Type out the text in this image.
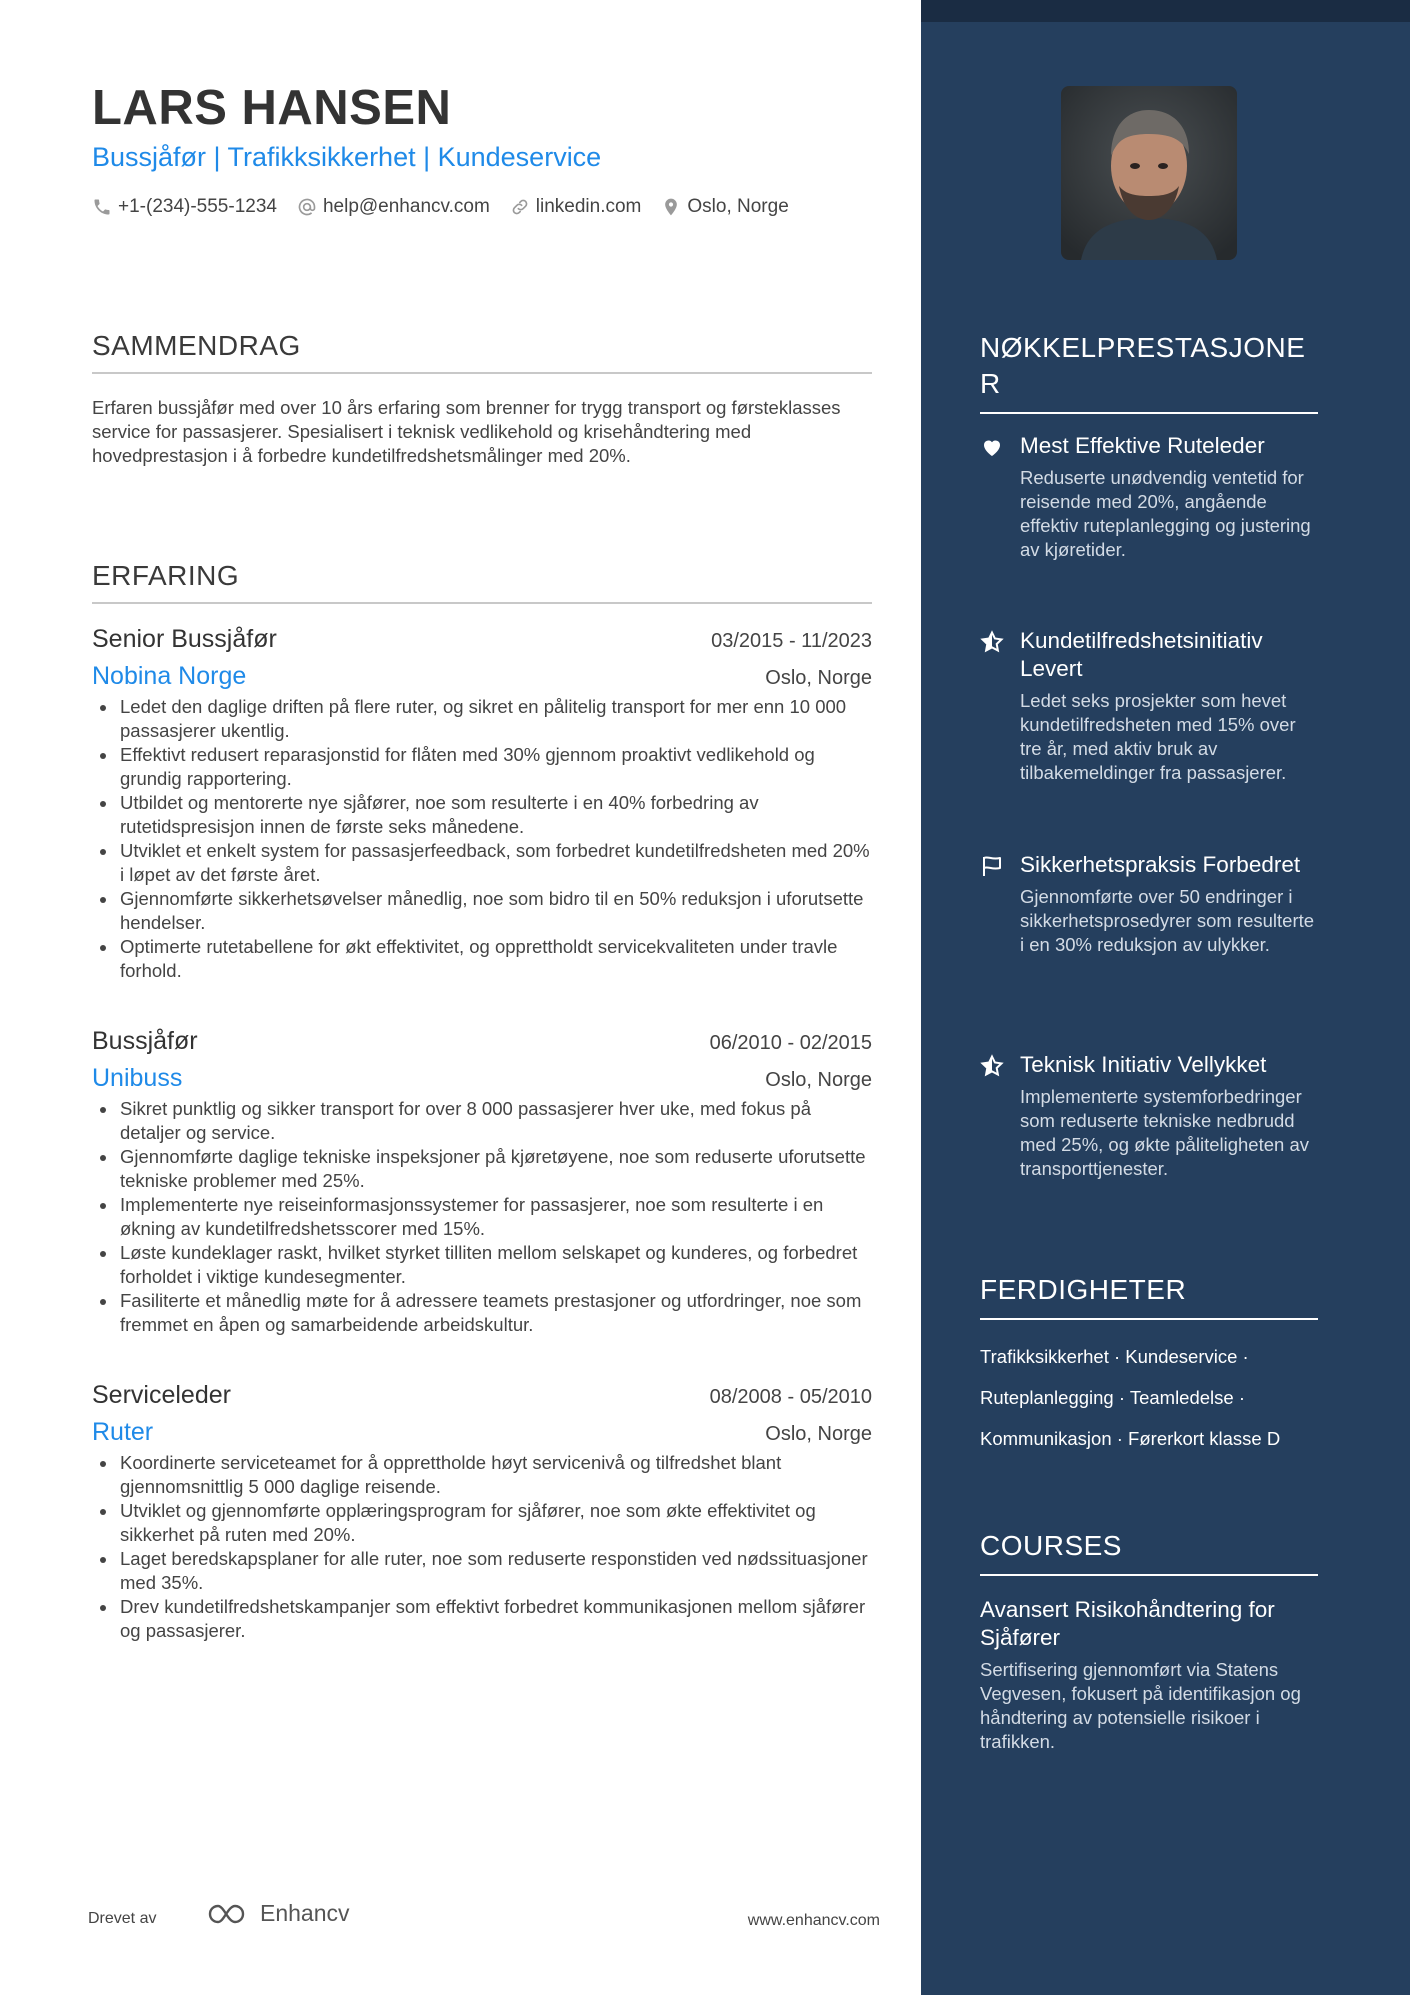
LARS HANSEN
Bussjåfør | Trafikksikkerhet | Kundeservice
+1-(234)-555-1234 help@enhancv.com linkedin.com Oslo, Norge
SAMMENDRAG

Erfaren bussjåfør med over 10 års erfaring som brenner for trygg transport og førsteklasses service for passasjerer. Spesialisert i teknisk vedlikehold og krisehåndtering med hovedprestasjon i å forbedre kundetilfredshetsmålinger med 20%.

ERFARING
Senior Bussjåfør	03/2015 - 11/2023
Nobina Norge	Oslo, Norge
Ledet den daglige driften på flere ruter, og sikret en pålitelig transport for mer enn 10 000 passasjerer ukentlig.
Effektivt redusert reparasjonstid for flåten med 30% gjennom proaktivt vedlikehold og grundig rapportering.
Utbildet og mentorerte nye sjåfører, noe som resulterte i en 40% forbedring av rutetidspresisjon innen de første seks månedene.
Utviklet et enkelt system for passasjerfeedback, som forbedret kundetilfredsheten med 20% i løpet av det første året.
Gjennomførte sikkerhetsøvelser månedlig, noe som bidro til en 50% reduksjon i uforutsette hendelser.
Optimerte rutetabellene for økt effektivitet, og opprettholdt servicekvaliteten under travle forhold.
Bussjåfør	06/2010 - 02/2015
Unibuss	Oslo, Norge
Sikret punktlig og sikker transport for over 8 000 passasjerer hver uke, med fokus på detaljer og service.
Gjennomførte daglige tekniske inspeksjoner på kjøretøyene, noe som reduserte uforutsette tekniske problemer med 25%.
Implementerte nye reiseinformasjonssystemer for passasjerer, noe som resulterte i en økning av kundetilfredshetsscorer med 15%.
Løste kundeklager raskt, hvilket styrket tilliten mellom selskapet og kunderes, og forbedret forholdet i viktige kundesegmenter.
Fasiliterte et månedlig møte for å adressere teamets prestasjoner og utfordringer, noe som fremmet en åpen og samarbeidende arbeidskultur.
Serviceleder	08/2008 - 05/2010
Ruter	Oslo, Norge
Koordinerte serviceteamet for å opprettholde høyt servicenivå og tilfredshet blant gjennomsnittlig 5 000 daglige reisende.
Utviklet og gjennomførte opplæringsprogram for sjåfører, noe som økte effektivitet og sikkerhet på ruten med 20%.
Laget beredskapsplaner for alle ruter, noe som reduserte responstiden ved nødssituasjoner med 35%.
Drev kundetilfredshetskampanjer som effektivt forbedret kommunikasjonen mellom sjåfører og passasjerer.
Drevet av	Enhancv	www.enhancv.com
NØKKELPRESTASJONER
Mest Effektive Ruteleder
Reduserte unødvendig ventetid for reisende med 20%, angående effektiv ruteplanlegging og justering av kjøretider.
Kundetilfredshetsinitiativ Levert
Ledet seks prosjekter som hevet kundetilfredsheten med 15% over tre år, med aktiv bruk av tilbakemeldinger fra passasjerer.
Sikkerhetspraksis Forbedret
Gjennomførte over 50 endringer i sikkerhetsprosedyrer som resulterte i en 30% reduksjon av ulykker.
Teknisk Initiativ Vellykket
Implementerte systemforbedringer som reduserte tekniske nedbrudd med 25%, og økte påliteligheten av transporttjenester.
FERDIGHETER
Trafikksikkerhet · Kundeservice ·
Ruteplanlegging · Teamledelse ·
Kommunikasjon · Førerkort klasse D
COURSES
Avansert Risikohåndtering for Sjåfører
Sertifisering gjennomført via Statens Vegvesen, fokusert på identifikasjon og håndtering av potensielle risikoer i trafikken.
